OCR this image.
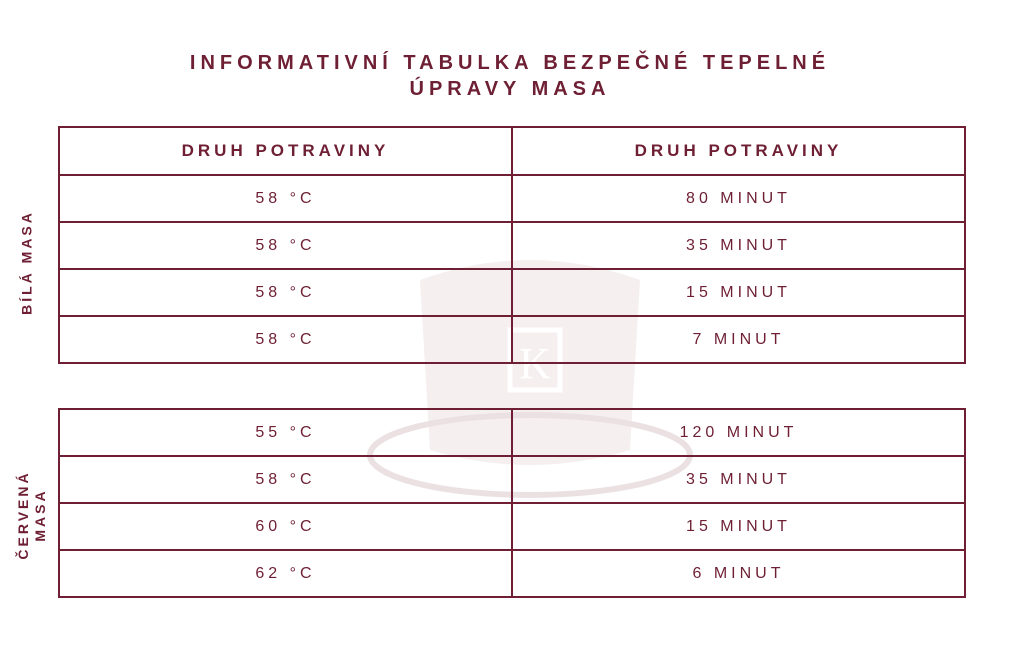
INFORMATIVNÍ TABULKA BEZPEČNÉ TEPELNÉ
ÚPRAVY MASA
K
DRUH POTRAVINY	DRUH POTRAVINY
58 °C	80 MINUT
58 °C	35 MINUT
58 °C	15 MINUT
58 °C	7 MINUT
BÍLÁ MASA
55 °C	120 MINUT
58 °C	35 MINUT
60 °C	15 MINUT
62 °C	6 MINUT
ČERVENÁ MASA
